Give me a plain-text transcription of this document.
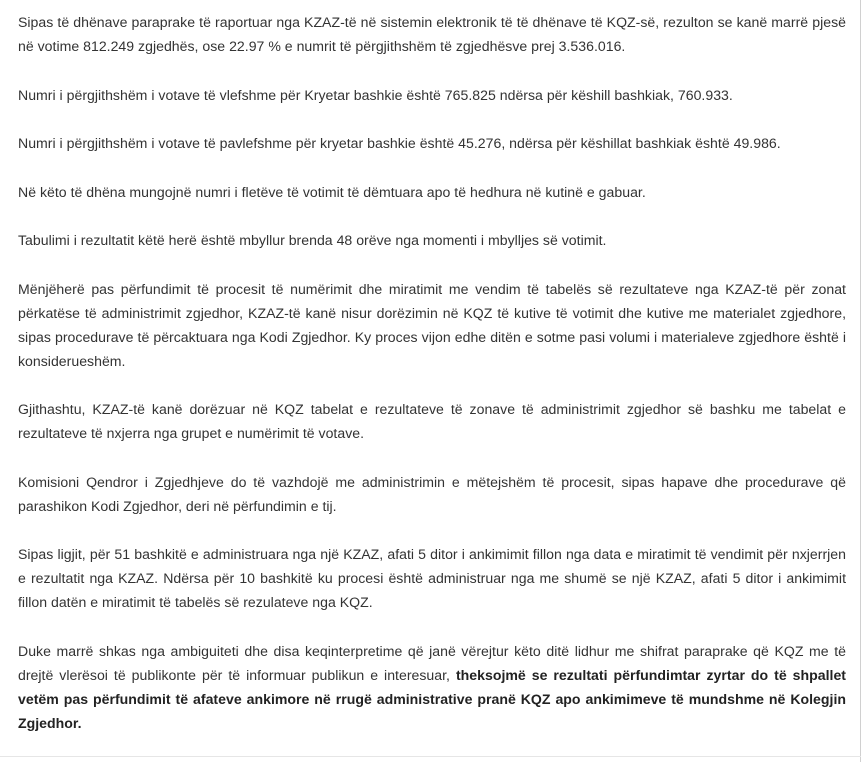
Sipas të dhënave paraprake të raportuar nga KZAZ-të në sistemin elektronik të të dhënave të KQZ-së, rezulton se kanë marrë pjesë në votime 812.249 zgjedhës, ose 22.97 % e numrit të përgjithshëm të zgjedhësve prej 3.536.016.

Numri i përgjithshëm i votave të vlefshme për Kryetar bashkie është 765.825 ndërsa për këshill bashkiak, 760.933.

Numri i përgjithshëm i votave të pavlefshme për kryetar bashkie është 45.276, ndërsa për këshillat bashkiak është 49.986.

Në këto të dhëna mungojnë numri i fletëve të votimit të dëmtuara apo të hedhura në kutinë e gabuar.

Tabulimi i rezultatit këtë herë është mbyllur brenda 48 orëve nga momenti i mbylljes së votimit.

Mënjëherë pas përfundimit të procesit të numërimit dhe miratimit me vendim të tabelës së rezultateve nga KZAZ-të për zonat përkatëse të administrimit zgjedhor, KZAZ-të kanë nisur dorëzimin në KQZ të kutive të votimit dhe kutive me materialet zgjedhore, sipas procedurave të përcaktuara nga Kodi Zgjedhor. Ky proces vijon edhe ditën e sotme pasi volumi i materialeve zgjedhore është i konsiderueshëm.

Gjithashtu, KZAZ-të kanë dorëzuar në KQZ tabelat e rezultateve të zonave të administrimit zgjedhor së bashku me tabelat e rezultateve të nxjerra nga grupet e numërimit të votave.

Komisioni Qendror i Zgjedhjeve do të vazhdojë me administrimin e mëtejshëm të procesit, sipas hapave dhe procedurave që parashikon Kodi Zgjedhor, deri në përfundimin e tij.

Sipas ligjit, për 51 bashkitë e administruara nga një KZAZ, afati 5 ditor i ankimimit fillon nga data e miratimit të vendimit për nxjerrjen e rezultatit nga KZAZ. Ndërsa për 10 bashkitë ku procesi është administruar nga me shumë se një KZAZ, afati 5 ditor i ankimimit fillon datën e miratimit të tabelës së rezulateve nga KQZ.

Duke marrë shkas nga ambiguiteti dhe disa keqinterpretime që janë vërejtur këto ditë lidhur me shifrat paraprake që KQZ me të drejtë vlerësoi të publikonte për të informuar publikun e interesuar, theksojmë se rezultati përfundimtar zyrtar do të shpallet vetëm pas përfundimit të afateve ankimore në rrugë administrative pranë KQZ apo ankimimeve të mundshme në Kolegjin Zgjedhor.
